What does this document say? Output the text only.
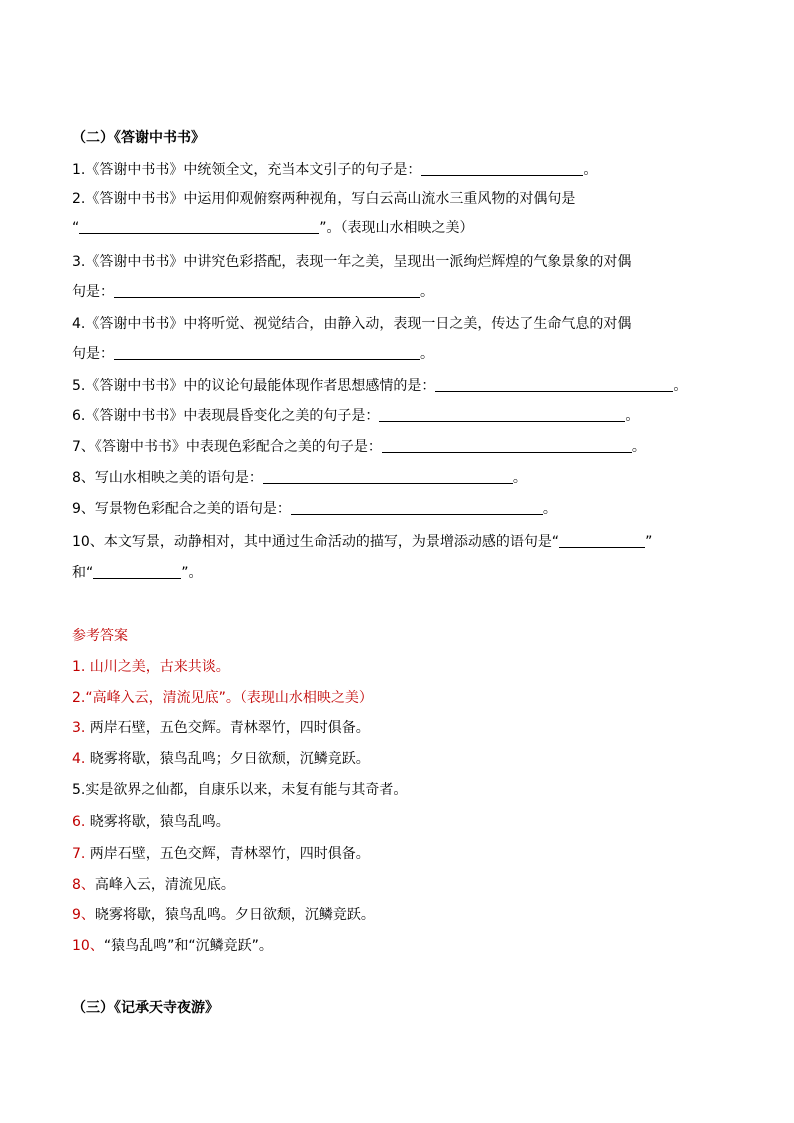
（二）《答谢中书书》
1.《答谢中书书》中统领全文，充当本文引子的句子是：	。
2.《答谢中书书》中运用仰观俯察两种视角，写白云高山流水三重风物的对偶句是
“	”。（表现山水相映之美）
3.《答谢中书书》中讲究色彩搭配，表现一年之美，呈现出一派绚烂辉煌的气象景象的对偶
句是：	。
4.《答谢中书书》中将听觉、视觉结合，由静入动，表现一日之美，传达了生命气息的对偶
句是：	。
5.《答谢中书书》中的议论句最能体现作者思想感情的是：	。
6.《答谢中书书》中表现晨昏变化之美的句子是：	。
7、《答谢中书书》中表现色彩配合之美的句子是：	。
8、写山水相映之美的语句是：	。
9、写景物色彩配合之美的语句是：	。
10、本文写景，动静相对，其中通过生命活动的描写，为景增添动感的语句是“	”
和“	”。
参考答案
1. 山川之美，古来共谈。
2.“高峰入云，清流见底”。（表现山水相映之美）
3. 两岸石壁，五色交辉。青林翠竹，四时俱备。
4. 晓雾将歇，猿鸟乱鸣；夕日欲颓，沉鳞竞跃。
5.实是欲界之仙都，自康乐以来，未复有能与其奇者。
6. 晓雾将歇，猿鸟乱鸣。
7. 两岸石壁，五色交辉，青林翠竹，四时俱备。
8、高峰入云，清流见底。
9、晓雾将歇，猿鸟乱鸣。夕日欲颓，沉鳞竞跃。
10、“猿鸟乱鸣”和“沉鳞竞跃”。
（三）《记承天寺夜游》
